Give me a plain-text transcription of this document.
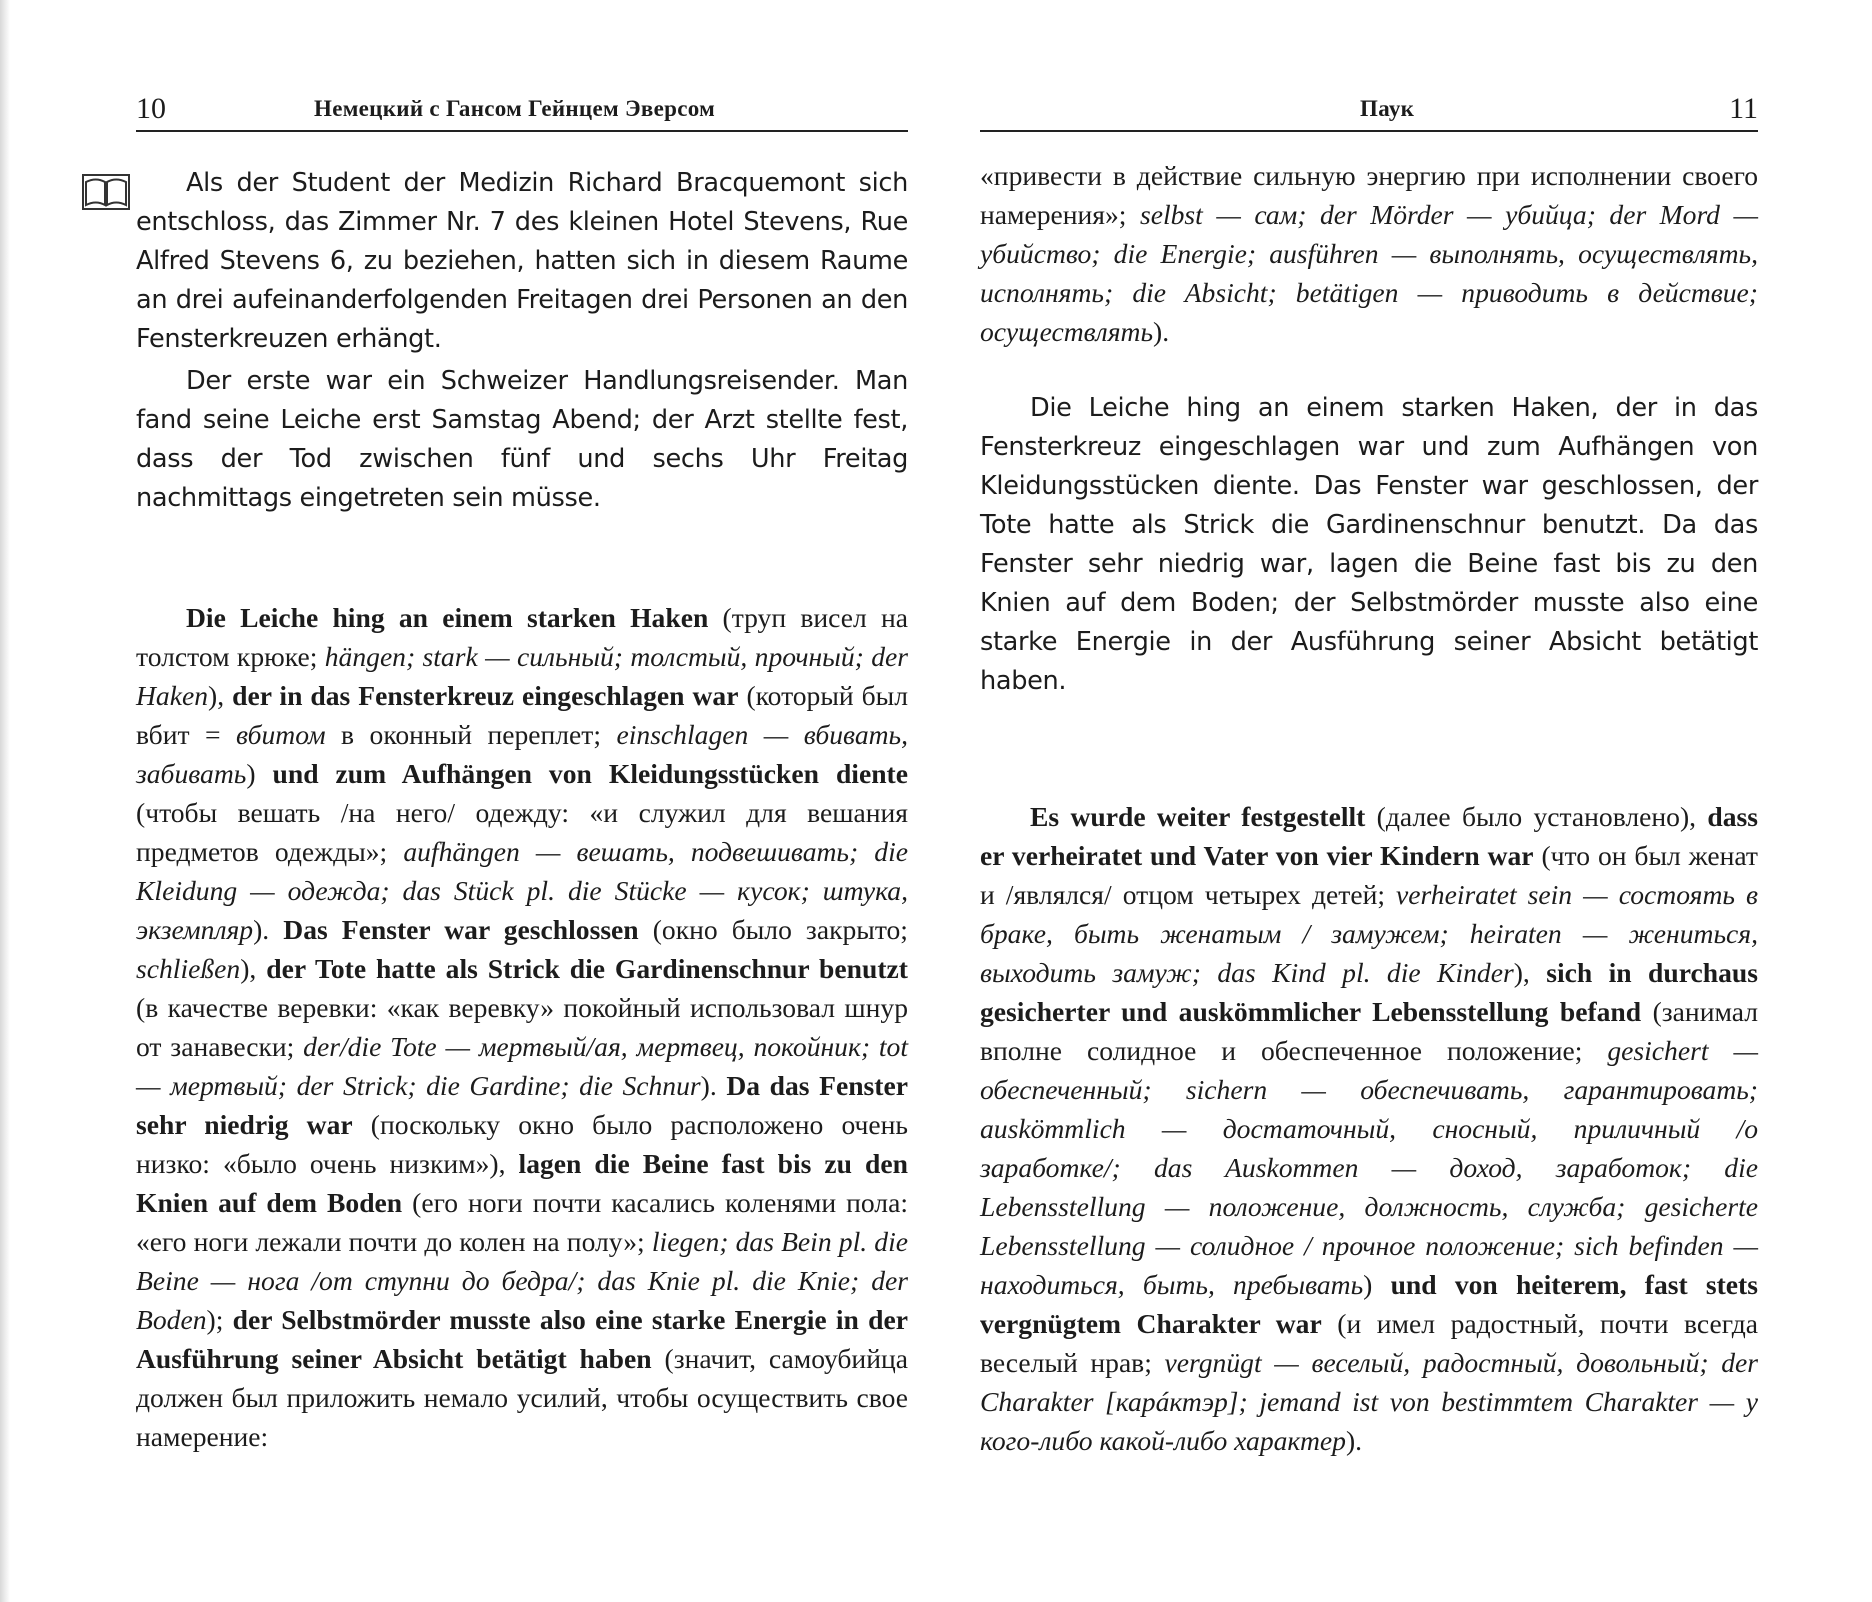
10	Немецкий с Гансом Гейнцем Эверсом

Als der Student der Medizin Richard Bracquemont sich entschloss, das Zimmer Nr. 7 des kleinen Hotel Stevens, Rue Alfred Stevens 6, zu beziehen, hatten sich in diesem Raume an drei aufeinanderfolgenden Freitagen drei Personen an den Fensterkreuzen erhängt.

Der erste war ein Schweizer Handlungsreisender. Man fand seine Leiche erst Samstag Abend; der Arzt stellte fest, dass der Tod zwischen fünf und sechs Uhr Freitag nachmittags eingetreten sein müsse.

Die Leiche hing an einem starken Haken (труп висел на толстом крюке; hängen; stark — сильный; толстый, прочный; der Haken), der in das Fensterkreuz eingeschlagen war (который был вбит = вбитом в оконный переплет; einschlagen — вбивать, забивать) und zum Aufhängen von Kleidungsstücken diente (чтобы вешать /на него/ одежду: «и служил для вешания предметов одежды»; aufhängen — вешать, подвешивать; die Kleidung — одежда; das Stück pl. die Stücke — кусок; штука, экземпляр). Das Fenster war geschlossen (окно было закрыто; schließen), der Tote hatte als Strick die Gardinenschnur benutzt (в качестве веревки: «как веревку» покойный использовал шнур от занавески; der/die Tote — мертвый/ая, мертвец, покойник; tot — мертвый; der Strick; die Gardine; die Schnur). Da das Fenster sehr niedrig war (поскольку окно было расположено очень низко: «было очень низким»), lagen die Beine fast bis zu den Knien auf dem Boden (его ноги почти касались коленями пола: «его ноги лежали почти до колен на полу»; liegen; das Bein pl. die Beine — нога /от ступни до бедра/; das Knie pl. die Knie; der Boden); der Selbstmörder musste also eine starke Energie in der Ausführung seiner Absicht betätigt haben (значит, самоубийца должен был приложить немало усилий, чтобы осуществить свое намерение:

Паук	11

«привести в действие сильную энергию при исполнении своего намерения»; selbst — сам; der Mörder — убийца; der Mord — убийство; die Energie; ausführen — выполнять, осуществлять, исполнять; die Absicht; betätigen — приводить в действие; осуществлять).

Die Leiche hing an einem starken Haken, der in das Fensterkreuz eingeschlagen war und zum Aufhängen von Kleidungsstücken diente. Das Fenster war geschlossen, der Tote hatte als Strick die Gardinenschnur benutzt. Da das Fenster sehr niedrig war, lagen die Beine fast bis zu den Knien auf dem Boden; der Selbstmörder musste also eine starke Energie in der Ausführung seiner Absicht betätigt haben.

Es wurde weiter festgestellt (далее было установлено), dass er verheiratet und Vater von vier Kindern war (что он был женат и /являлся/ отцом четырех детей; verheiratet sein — состоять в браке, быть женатым / замужем; heiraten — жениться, выходить замуж; das Kind pl. die Kinder), sich in durchaus gesicherter und auskömmlicher Lebensstellung befand (занимал вполне солидное и обеспеченное положение; gesichert — обеспеченный; sichern — обеспечивать, гарантировать; auskömmlich — достаточный, сносный, приличный /о заработке/; das Auskommen — доход, заработок; die Lebensstellung — положение, должность, служба; gesicherte Lebensstellung — солидное / прочное положение; sich befinden — находиться, быть, пребывать) und von heiterem, fast stets vergnügtem Charakter war (и имел радостный, почти всегда веселый нрав; vergnügt — веселый, радостный, довольный; der Charakter [карáктэр]; jemand ist von bestimmtem Charakter — у кого-либо какой-либо характер).
